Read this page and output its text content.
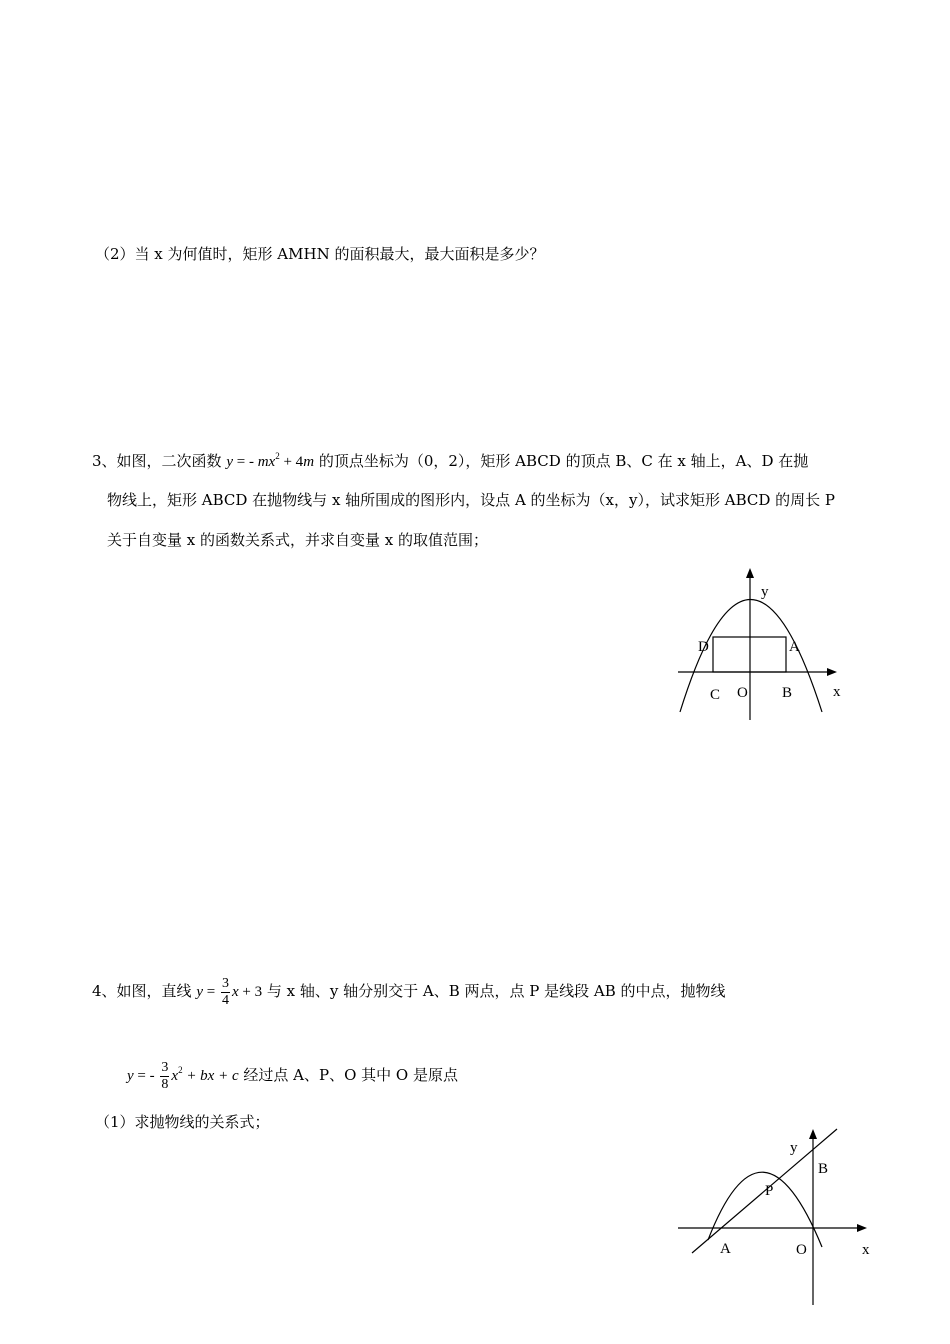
（2）当 x 为何值时，矩形 AMHN 的面积最大，最大面积是多少？
3、如图，二次函数 y = - $mx^2 + 4m$ 的顶点坐标为（0，2），矩形 ABCD 的顶点 B、C 在 x 轴上，A、D 在抛
物线上，矩形 ABCD 在抛物线与 x 轴所围成的图形内，设点 A 的坐标为（x，y），试求矩形 ABCD 的周长 P
关于自变量 x 的函数关系式，并求自变量 x 的取值范围；
y
x
D	A
C O B
4、如图，直线 $y = \frac{3}{4}$ x + 3 与 x 轴、y 轴分别交于 A、B 两点，点 P 是线段 AB 的中点，抛物线
y = - $\frac{3}{8} x^2$ + bx + c 经过点 A、P、O 其中 O 是原点
（1）求抛物线的关系式；
y
B
P
A	O	x
